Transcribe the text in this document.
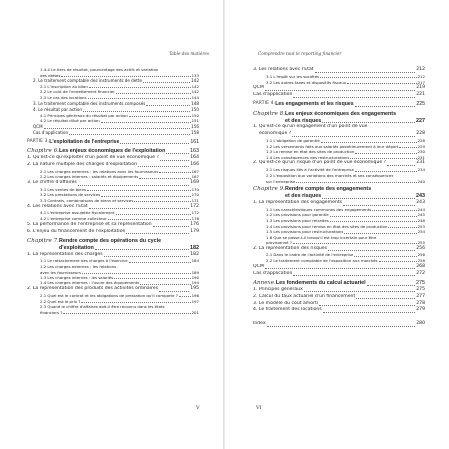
Table des matières
1.4.4 Le tiers de résultat, pourcentage des actifs et variation
des dettes	133
2. Le traitement comptable des instruments de dette	142
2.1 L'inscription au bilan	142
2.2 Le coût de l'endettement financier	142
2.3 Le cas des locations	144
3. Le traitement comptable des instruments composés	148
4. Le résultat par action	150
4.1 Principes généraux du résultat par action	150
4.2 Le résultat dilué par action	151
QCM	156
Cas d'application	158
PARTIE 3. L'exploitation de l'entreprise	161
Chapitre 6. Les enjeux économiques de l'exploitation	163
1. Qu'est-ce qu'exploiter d'un point de vue économique ?	164
2. La nature multiple des charges d'exploitation	166
2.1 Les charges externes : les relations avec les fournisseurs	167
2.2 Les charges internes : salariés et équipements	167
3. Le chiffre d'affaires	169
3.1 Les ventes de biens	170
3.2 Les prestations de services	170
3.3 Contrats, combinaisons de biens et services	171
4. Les relations avec l'État	172
4.1 L'entreprise assujettie fiscalement	172
4.2 L'entreprise comme collecteur	176
5. La performance de l'entreprise et sa représentation	176
6. L'enjeu du financement de l'exploitation	179
Chapitre 7. Rendre compte des opérations du cycle
d'exploitation	182
1. La représentation des charges	182
1.1 Le rattachement des charges à l'exercice	184
1.2 Les charges externes : les relations
avec les fournisseurs	189
1.3 Les charges internes : les salariés	190
1.4 Les charges internes : l'usure des équipements	194
2. La représentation des produits des activités ordinaires	195
2.1 Quel est le contrat et les obligations de prestation qu'il comporte ?	196
2.2 Quel est le prix ?	197
2.3 Quand le chiffre d'affaires doit-il être reconnu dans les états
financiers ?	201
V
Comprendre tout le reporting financier
3. Les relations avec l'État	212
3.1 L'impôt sur les sociétés	212
3.2 Les autres taxes et dispositifs fiscaux	217
QCM	219
Cas d'application	221
PARTIE 4. Les engagements et les risques	225
Chapitre 8. Les enjeux économiques des engagements
et des risques	227
1. Qu'est-ce qu'un engagement d'un point de vue
économique ?	228
1.1 L'obligation de garantie	228
1.2 Les versements faits aux salariés postérieurement à leur départ	229
1.3 La remise en état des sites de production	230
1.4 Les conséquences des restructurations	231
2. Qu'est-ce qu'un risque d'un point de vue économique ?	231
2.1 Les risques liés à l'activité de l'entreprise	234
2.2 L'exposition aux variations des marchés et ses conséquences
sur l'entreprise	240
Chapitre 9. Rendre compte des engagements
et des risques	243
1. La représentation des engagements	243
1.1 Les caractéristiques communes des engagements	244
1.2 Les provisions pour garantie	245
1.3 Les provisions pour retraites	248
1.4 Les provisions pour remise en état des sites de production	253
1.5 Les provisions pour restructurations	254
1.6 Que se passe-t-il lorsqu'il est trop incertain pour être
provisionné ?	255
2. La représentation des risques	256
2.1 Dans le cadre de l'activité de l'entreprise	256
2.2 Le traitement comptable de l'exposition aux marchés	258
QCM	268
Cas d'application	272
Annexe. Les fondements du calcul actuariel	275
1. Principes généraux	275
2. Calcul du taux actuariel d'un financement	277
3. Le modèle du coût amorti	278
4. Le traitement des locations	279

Index	280
VI
